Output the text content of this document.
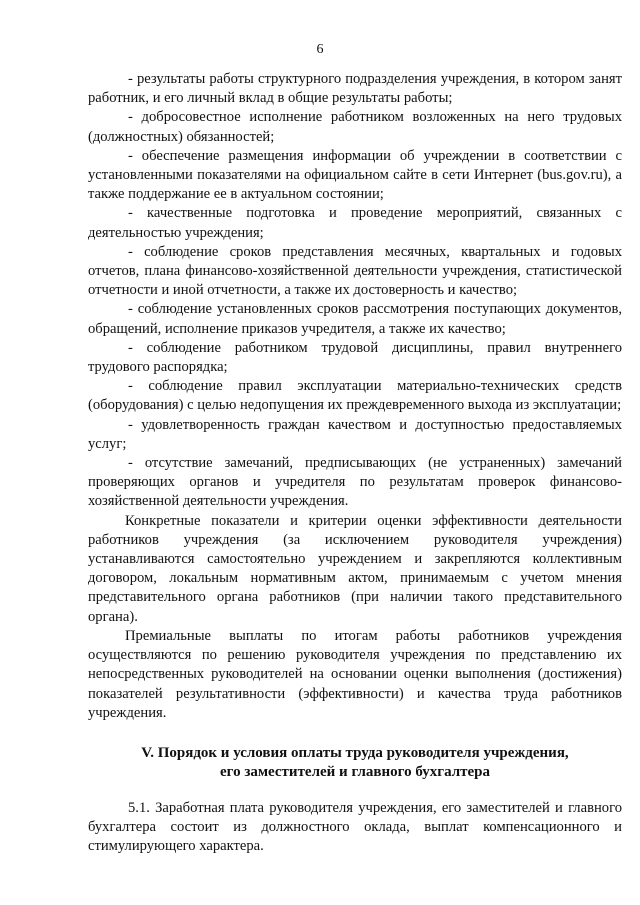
6

- результаты работы структурного подразделения учреждения, в котором занят работник, и его личный вклад в общие результаты работы;

- добросовестное исполнение работником возложенных на него трудовых (должностных) обязанностей;

- обеспечение размещения информации об учреждении в соответствии с установленными показателями на официальном сайте в сети Интернет (bus.gov.ru), а также поддержание ее в актуальном состоянии;

- качественные подготовка и проведение мероприятий, связанных с деятельностью учреждения;

- соблюдение сроков представления месячных, квартальных и годовых отчетов, плана финансово-хозяйственной деятельности учреждения, статистической отчетности и иной отчетности, а также их достоверность и качество;

- соблюдение установленных сроков рассмотрения поступающих документов, обращений, исполнение приказов учредителя, а также их качество;

- соблюдение работником трудовой дисциплины, правил внутреннего трудового распорядка;

- соблюдение правил эксплуатации материально-технических средств (оборудования) с целью недопущения их преждевременного выхода из эксплуатации;

- удовлетворенность граждан качеством и доступностью предоставляемых услуг;

- отсутствие замечаний, предписывающих (не устраненных) замечаний проверяющих органов и учредителя по результатам проверок финансово-хозяйственной деятельности учреждения.

Конкретные показатели и критерии оценки эффективности деятельности работников учреждения (за исключением руководителя учреждения) устанавливаются самостоятельно учреждением и закрепляются коллективным договором, локальным нормативным актом, принимаемым с учетом мнения представительного органа работников (при наличии такого представительного органа).

Премиальные выплаты по итогам работы работников учреждения осуществляются по решению руководителя учреждения по представлению их непосредственных руководителей на основании оценки выполнения (достижения) показателей результативности (эффективности) и качества труда работников учреждения.

V. Порядок и условия оплаты труда руководителя учреждения,
его заместителей и главного бухгалтера

5.1. Заработная плата руководителя учреждения, его заместителей и главного бухгалтера состоит из должностного оклада, выплат компенсационного и стимулирующего характера.
